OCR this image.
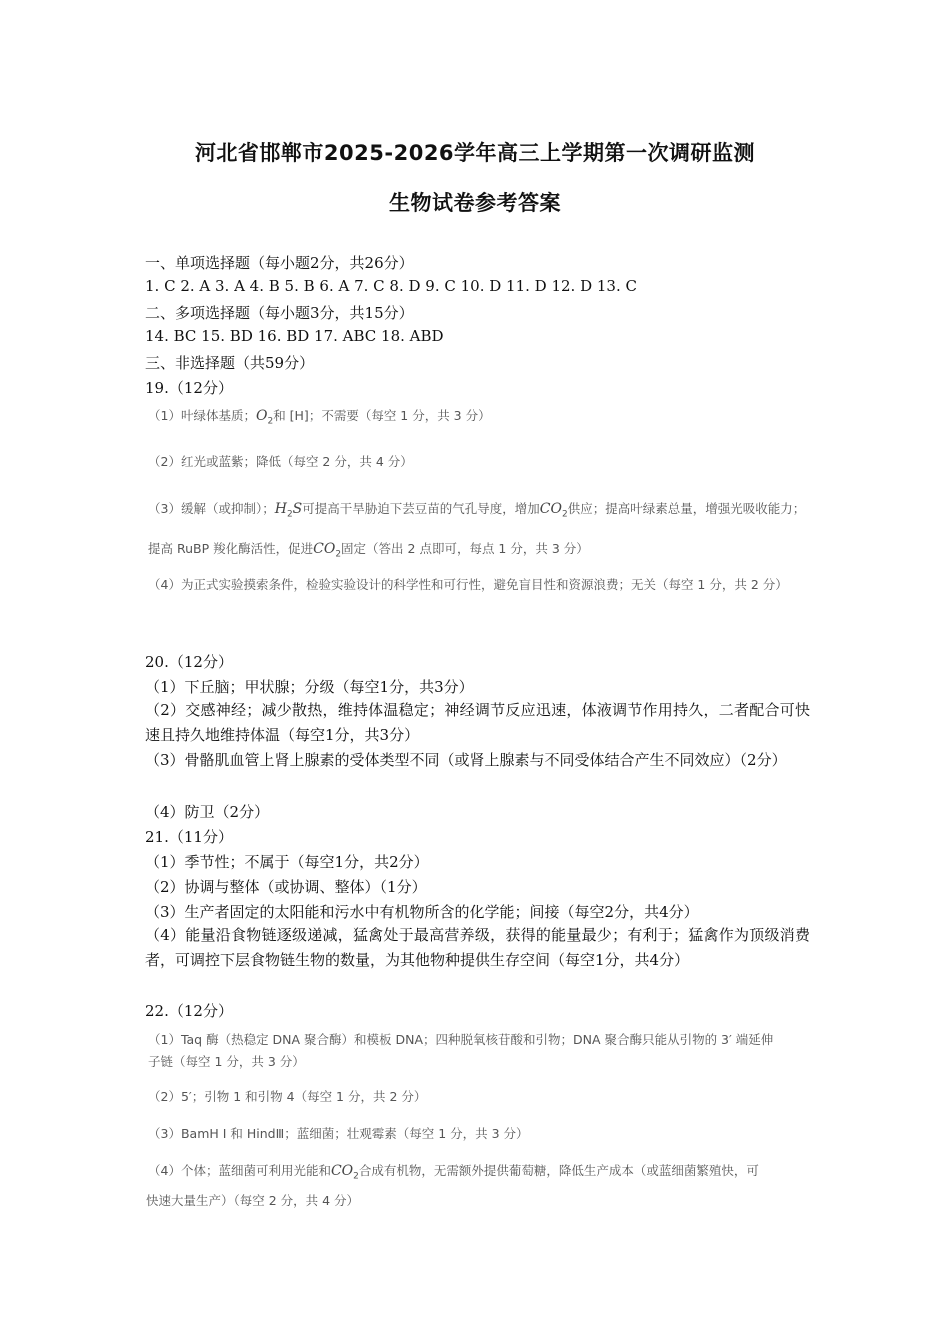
河北省邯郸市2025-2026学年高三上学期第一次调研监测
生物试卷参考答案
一、单项选择题（每小题2分，共26分）
1. C 2. A 3. A 4. B 5. B 6. A 7. C 8. D 9. C 10. D 11. D 12. D 13. C
二、多项选择题（每小题3分，共15分）
14. BC 15. BD 16. BD 17. ABC 18. ABD
三、非选择题（共59分）
19.（12分）
（1）叶绿体基质；$O_2$和 [H]；不需要（每空 1 分，共 3 分）
（2）红光或蓝紫；降低（每空 2 分，共 4 分）
（3）缓解（或抑制）；$H_2S$可提高干旱胁迫下芸豆苗的气孔导度，增加$CO_2$供应；提高叶绿素总量，增强光吸收能力；提高 RuBP 羧化酶活性，促进$CO_2$固定（答出 2 点即可，每点 1 分，共 3 分）
（4）为正式实验摸索条件，检验实验设计的科学性和可行性，避免盲目性和资源浪费；无关（每空 1 分，共 2 分）
20.（12分）
（1）下丘脑；甲状腺；分级（每空1分，共3分）
（2）交感神经；减少散热，维持体温稳定；神经调节反应迅速，体液调节作用持久，二者配合可快速且持久地维持体温（每空1分，共3分）
（3）骨骼肌血管上肾上腺素的受体类型不同（或肾上腺素与不同受体结合产生不同效应）（2分）
（4）防卫（2分）
21.（11分）
（1）季节性；不属于（每空1分，共2分）
（2）协调与整体（或协调、整体）（1分）
（3）生产者固定的太阳能和污水中有机物所含的化学能；间接（每空2分，共4分）
（4）能量沿食物链逐级递减，猛禽处于最高营养级，获得的能量最少；有利于；猛禽作为顶级消费者，可调控下层食物链生物的数量，为其他物种提供生存空间（每空1分，共4分）
22.（12分）
（1）Taq 酶（热稳定 DNA 聚合酶）和模板 DNA；四种脱氧核苷酸和引物；DNA 聚合酶只能从引物的 3′ 端延伸
子链（每空 1 分，共 3 分）
（2）5′；引物 1 和引物 4（每空 1 分，共 2 分）
（3）BamH Ⅰ 和 HindⅢ；蓝细菌；壮观霉素（每空 1 分，共 3 分）
（4）个体；蓝细菌可利用光能和$CO_2$合成有机物，无需额外提供葡萄糖，降低生产成本（或蓝细菌繁殖快，可
快速大量生产）（每空 2 分，共 4 分）
